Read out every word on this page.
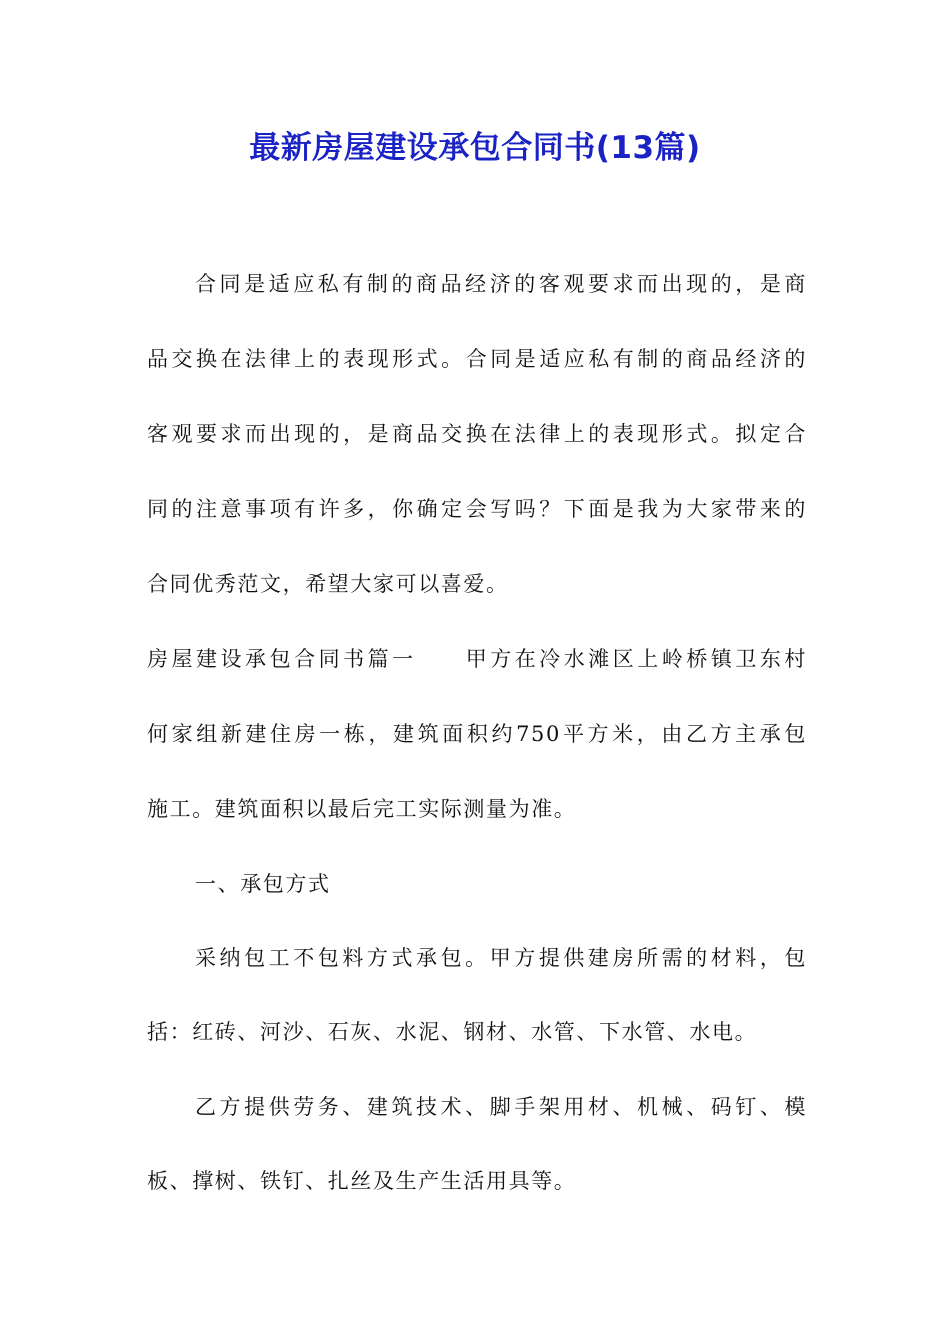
最新房屋建设承包合同书(13篇)
合同是适应私有制的商品经济的客观要求而出现的，是商
品交换在法律上的表现形式。合同是适应私有制的商品经济的
客观要求而出现的，是商品交换在法律上的表现形式。拟定合
同的注意事项有许多，你确定会写吗？下面是我为大家带来的
合同优秀范文，希望大家可以喜爱。
房屋建设承包合同书篇一　　甲方在冷水滩区上岭桥镇卫东村
何家组新建住房一栋，建筑面积约750平方米，由乙方主承包
施工。建筑面积以最后完工实际测量为准。
一、承包方式
采纳包工不包料方式承包。甲方提供建房所需的材料，包
括：红砖、河沙、石灰、水泥、钢材、水管、下水管、水电。
乙方提供劳务、建筑技术、脚手架用材、机械、码钉、模
板、撑树、铁钉、扎丝及生产生活用具等。
